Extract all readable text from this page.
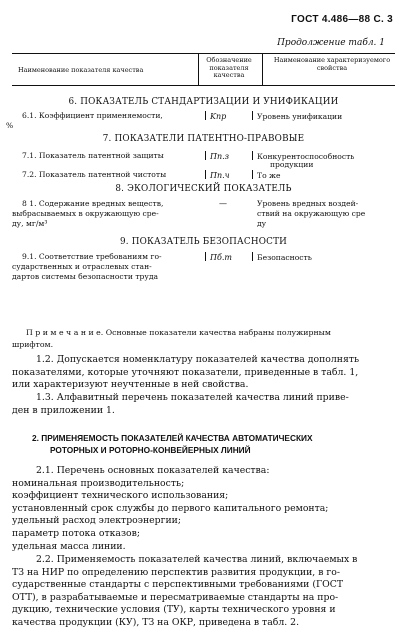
ГОСТ 4.486—88 С. 3
Продолжение табл. 1
Наименование показателя качества
Обозначение показателя качества
Наименование характеризуемого свойства
6. ПОКАЗАТЕЛЬ СТАНДАРТИЗАЦИИ И УНИФИКАЦИИ
6.1. Коэффициент применяемости,
%
Kпр	Уровень унификации
7. ПОКАЗАТЕЛИ ПАТЕНТНО-ПРАВОВЫЕ
7.1. Показатель патентной защиты	Пп.з	Конкурентоспособность
продукции
7.2. Показатель патентной чистоты	Пп.ч	То же
8. ЭКОЛОГИЧЕСКИЙ ПОКАЗАТЕЛЬ
8 1. Содержание вредных веществ,
выбрасываемых в окружающую сре-
ду, мг/м³
—	Уровень вредных воздей-
ствий на окружающую сре
ду
9. ПОКАЗАТЕЛЬ БЕЗОПАСНОСТИ
9.1. Соответствие требованиям го-
сударственных и отраслевых стан-
дартов системы безопасности труда
Пб.т	Безопасность
П р и м е ч а н и е. Основные показатели качества набраны полужирным
шрифтом.
1.2. Допускается номенклатуру показателей качества дополнять
показателями, которые уточняют показатели, приведенные в табл. 1,
или характеризуют неучтенные в ней свойства.
1.3. Алфавитный перечень показателей качества линий приве-
ден в приложении 1.
2. ПРИМЕНЯЕМОСТЬ ПОКАЗАТЕЛЕЙ КАЧЕСТВА АВТОМАТИЧЕСКИХ
РОТОРНЫХ И РОТОРНО-КОНВЕЙЕРНЫХ ЛИНИЙ
2.1. Перечень основных показателей качества:
номинальная производительность;
коэффициент технического использования;
установленный срок службы до первого капитального ремонта;
удельный расход электроэнергии;
параметр потока отказов;
удельная масса линии.
2.2. Применяемость показателей качества линий, включаемых в
ТЗ на НИР по определению перспектив развития продукции, в го-
сударственные стандарты с перспективными требованиями (ГОСТ
ОТТ), в разрабатываемые и пересматриваемые стандарты на про-
дукцию, технические условия (ТУ), карты технического уровня и
качества продукции (КУ), ТЗ на ОКР, приведена в табл. 2.
